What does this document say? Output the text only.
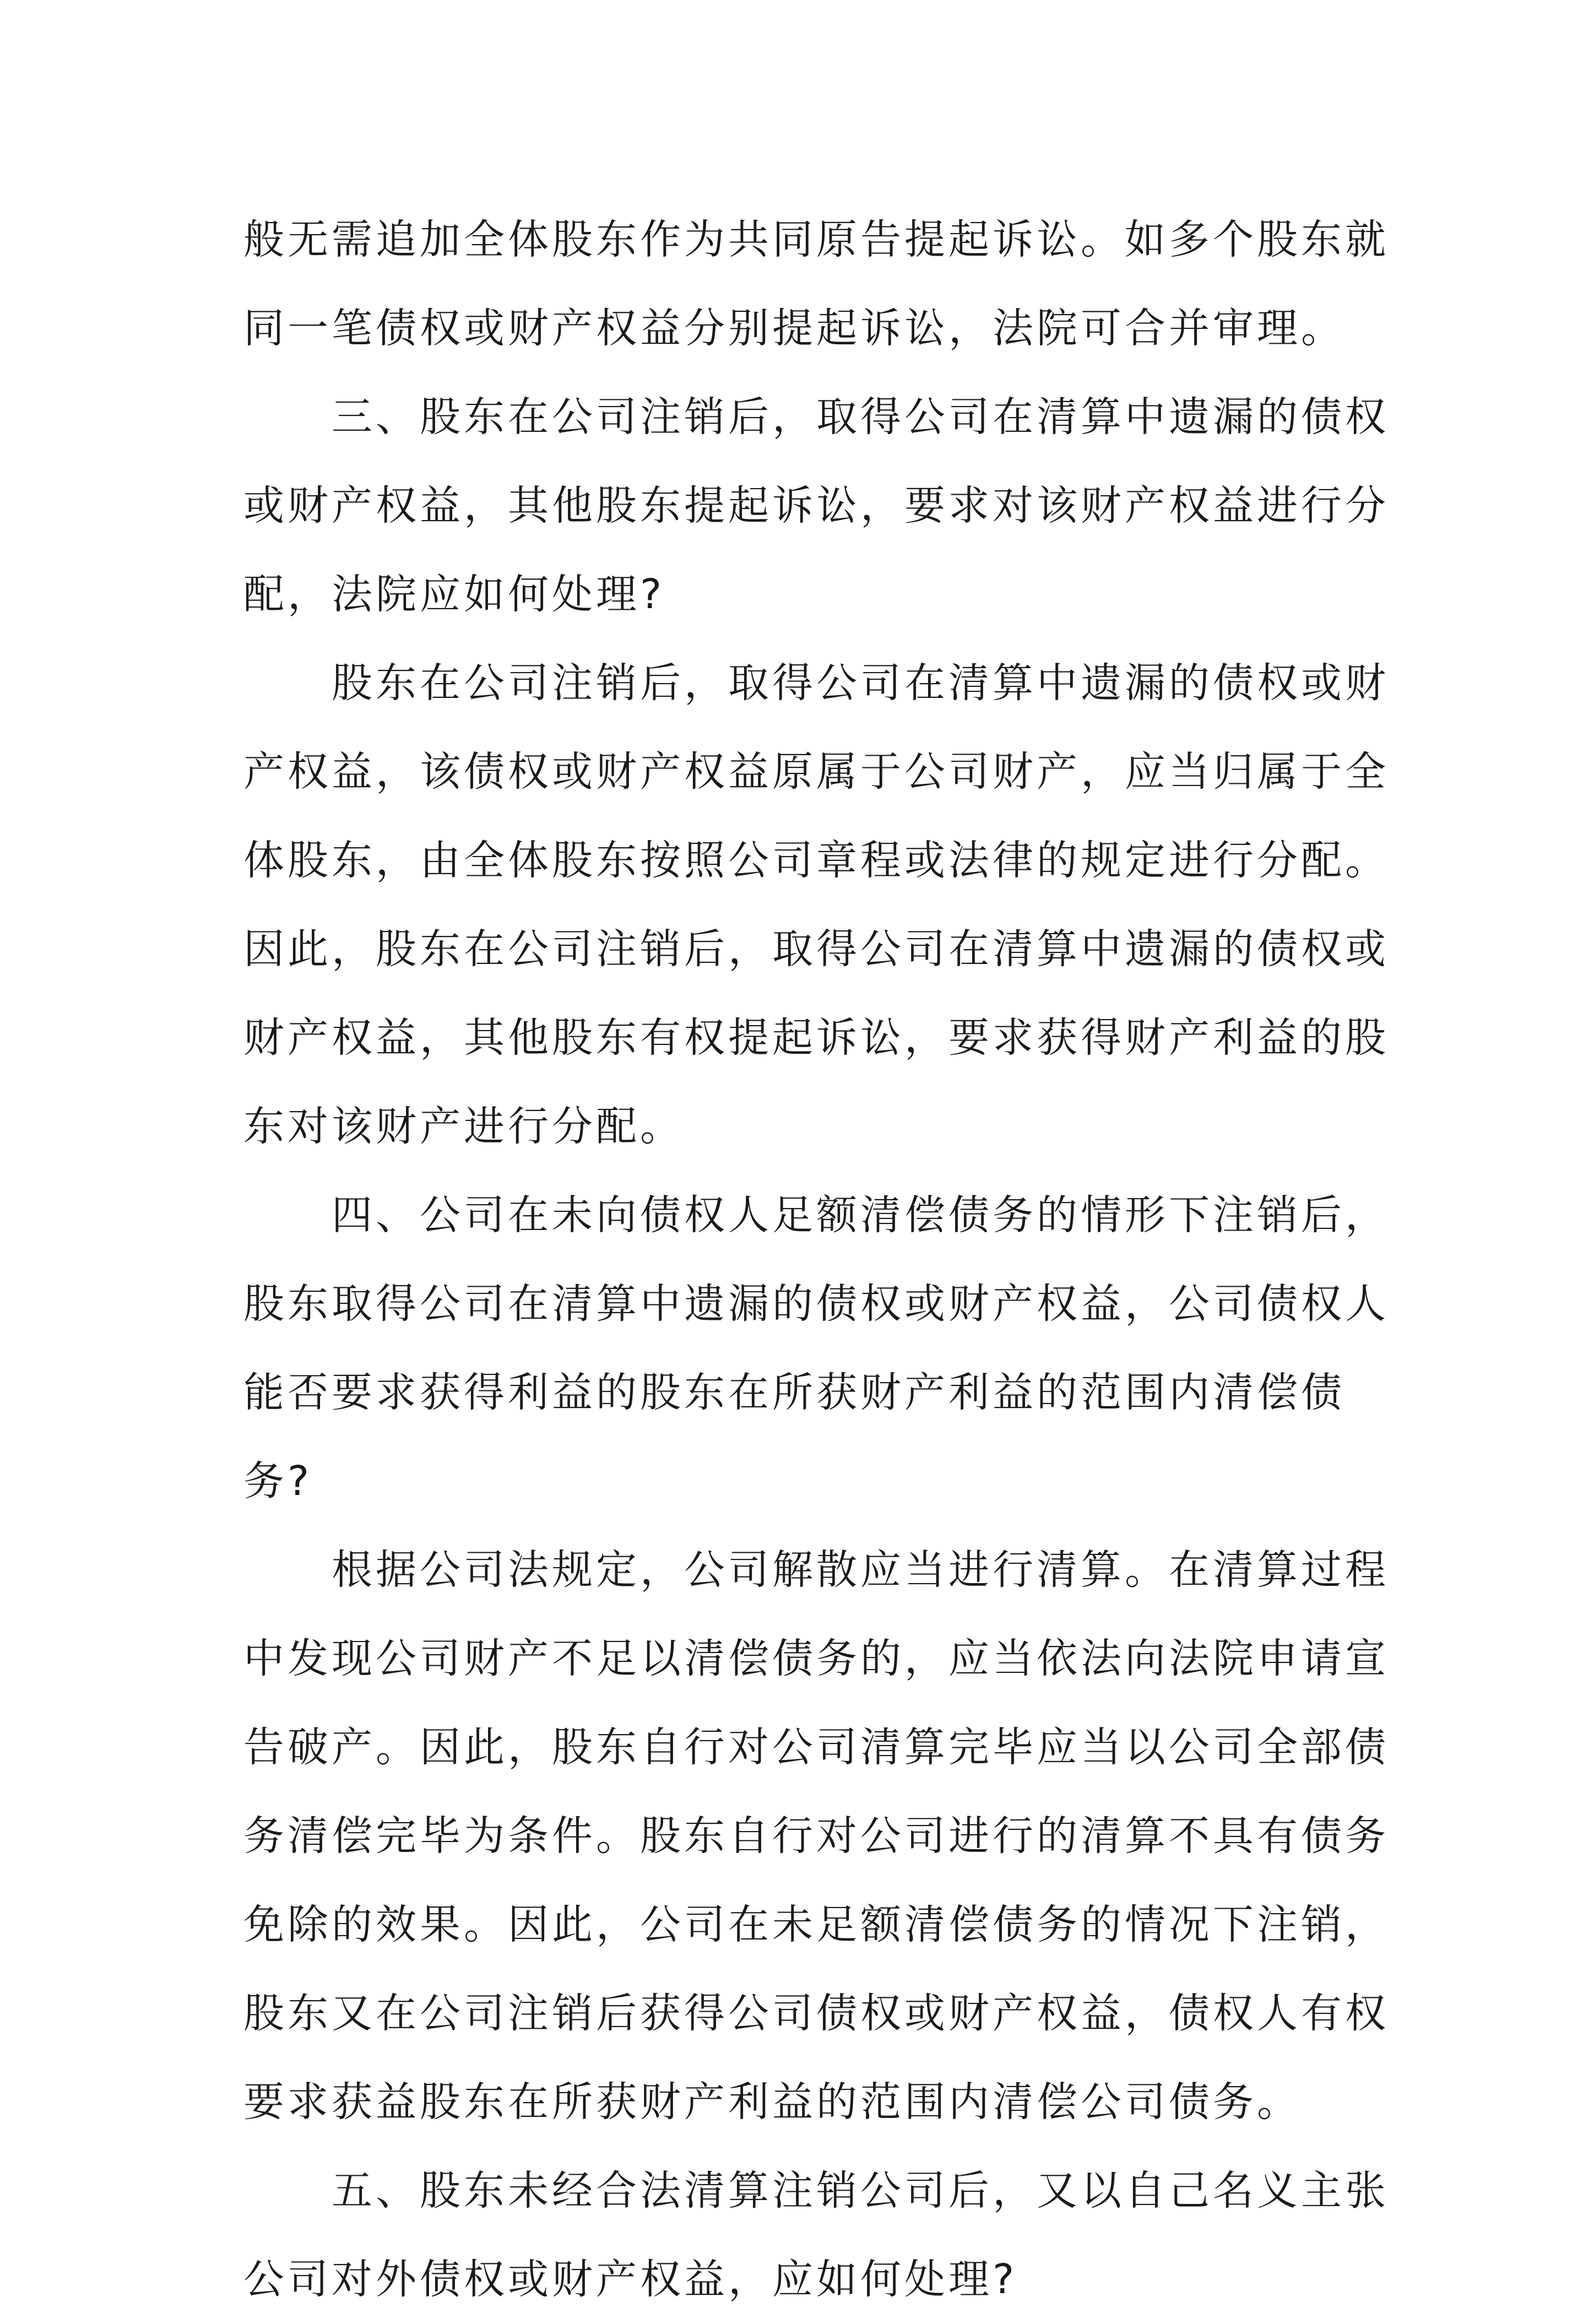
般无需追加全体股东作为共同原告提起诉讼。如多个股东就

同一笔债权或财产权益分别提起诉讼，法院可合并审理。

　　三、股东在公司注销后，取得公司在清算中遗漏的债权

或财产权益，其他股东提起诉讼，要求对该财产权益进行分

配，法院应如何处理?

　　股东在公司注销后，取得公司在清算中遗漏的债权或财

产权益，该债权或财产权益原属于公司财产，应当归属于全

体股东，由全体股东按照公司章程或法律的规定进行分配。

因此，股东在公司注销后，取得公司在清算中遗漏的债权或

财产权益，其他股东有权提起诉讼，要求获得财产利益的股

东对该财产进行分配。

　　四、公司在未向债权人足额清偿债务的情形下注销后，

股东取得公司在清算中遗漏的债权或财产权益，公司债权人

能否要求获得利益的股东在所获财产利益的范围内清偿债

务?

　　根据公司法规定，公司解散应当进行清算。在清算过程

中发现公司财产不足以清偿债务的，应当依法向法院申请宣

告破产。因此，股东自行对公司清算完毕应当以公司全部债

务清偿完毕为条件。股东自行对公司进行的清算不具有债务

免除的效果。因此，公司在未足额清偿债务的情况下注销，

股东又在公司注销后获得公司债权或财产权益，债权人有权

要求获益股东在所获财产利益的范围内清偿公司债务。

　　五、股东未经合法清算注销公司后，又以自己名义主张

公司对外债权或财产权益，应如何处理?
